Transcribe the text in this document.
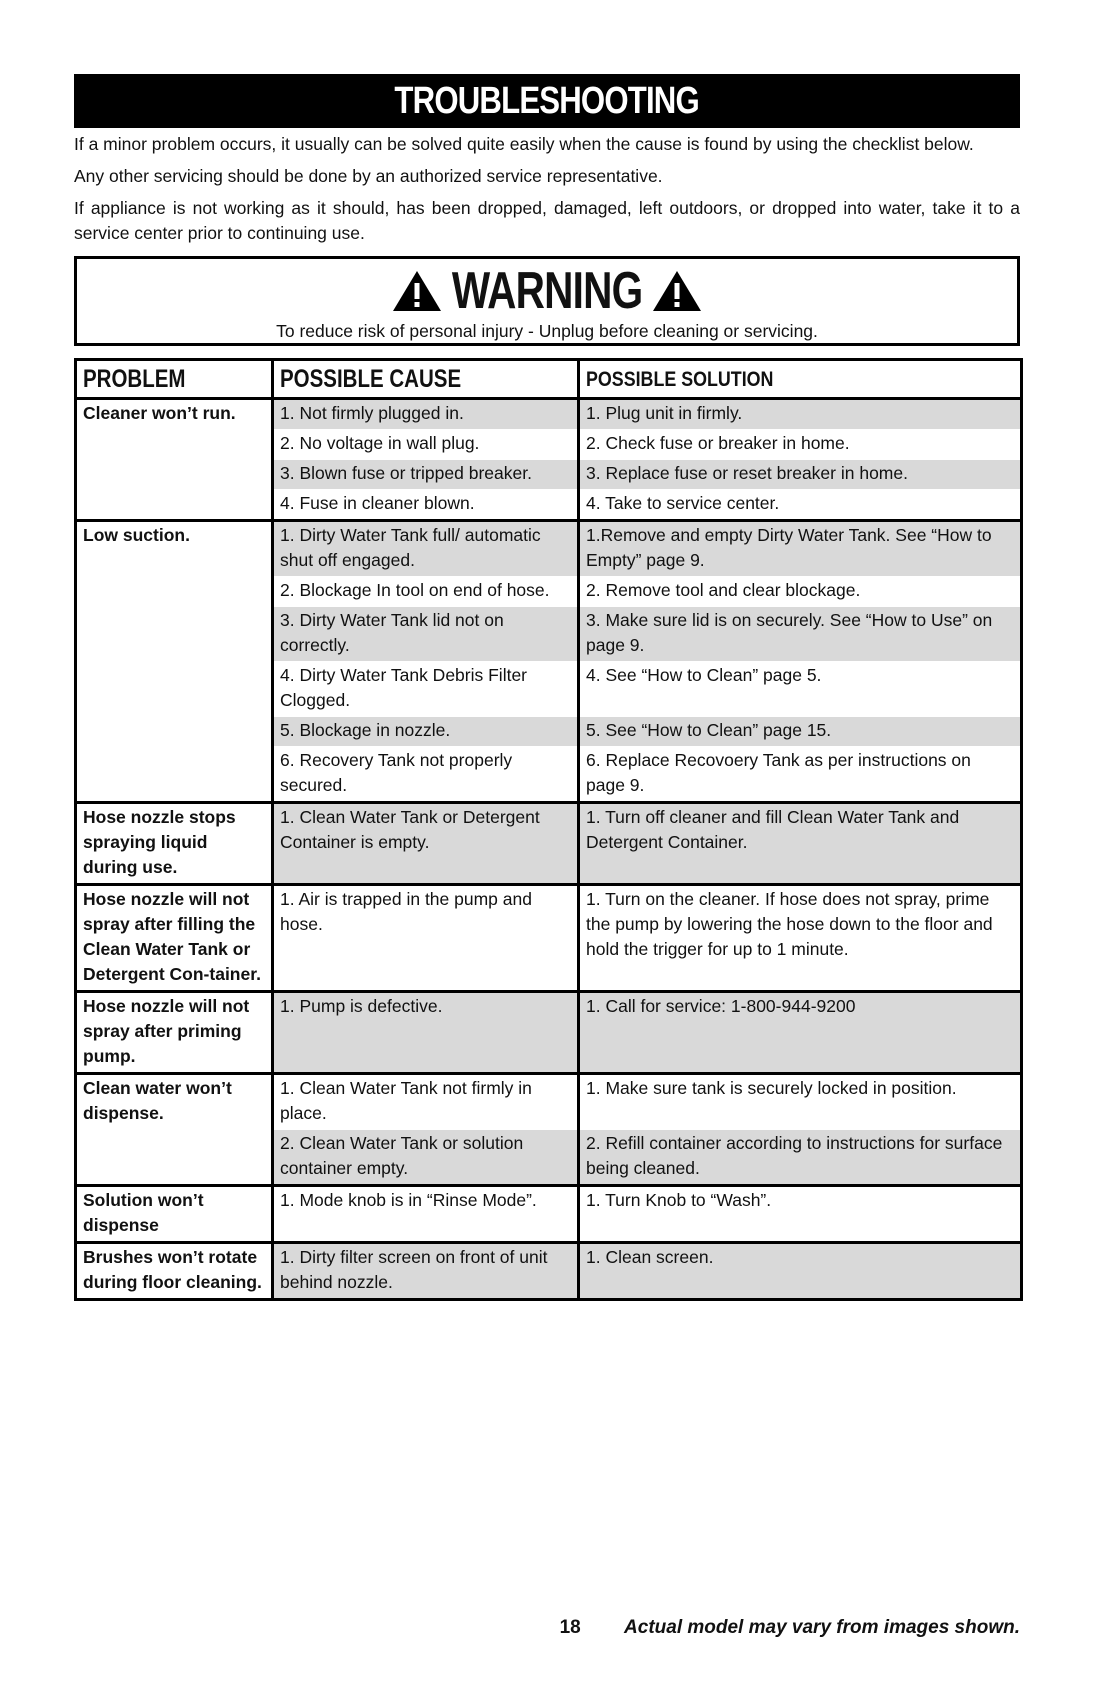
TROUBLESHOOTING

If a minor problem occurs, it usually can be solved quite easily when the cause is found by using the checklist below.

Any other servicing should be done by an authorized service representative.

If appliance is not working as it should, has been dropped, damaged, left outdoors, or dropped into water, take it to a service center prior to continuing use.

WARNING
To reduce risk of personal injury - Unplug before cleaning or servicing.
PROBLEM	POSSIBLE CAUSE	POSSIBLE SOLUTION
Cleaner won’t run.	1. Not firmly plugged in.	1. Plug unit in firmly.
	2. No voltage in wall plug.	2. Check fuse or breaker in home.
	3. Blown fuse or tripped breaker.	3. Replace fuse or reset breaker in home.
	4. Fuse in cleaner blown.	4. Take to service center.
Low suction.	1. Dirty Water Tank full/ automatic shut off engaged.	1.Remove and empty Dirty Water Tank. See “How to Empty” page 9.
	2. Blockage In tool on end of hose.	2. Remove tool and clear blockage.
	3. Dirty Water Tank lid not on correctly.	3. Make sure lid is on securely. See “How to Use” on page 9.
	4. Dirty Water Tank Debris Filter Clogged.	4. See “How to Clean” page 5.
	5. Blockage in nozzle.	5. See “How to Clean” page 15.
	6. Recovery Tank not properly secured.	6. Replace Recovoery Tank as per instructions on page 9.
Hose nozzle stops spraying liquid during use.	1. Clean Water Tank or Detergent Container is empty.	1. Turn off cleaner and fill Clean Water Tank and Detergent Container.
Hose nozzle will not spray after filling the Clean Water Tank or Detergent Con-tainer.	1. Air is trapped in the pump and hose.	1. Turn on the cleaner. If hose does not spray, prime the pump by lowering the hose down to the floor and hold the trigger for up to 1 minute.
Hose nozzle will not spray after priming pump.	1. Pump is defective.	1. Call for service: 1-800-944-9200
Clean water won’t dispense.	1. Clean Water Tank not firmly in place.	1. Make sure tank is securely locked in position.
	2. Clean Water Tank or solution container empty.	2. Refill container according to instructions for surface being cleaned.
Solution won’t dispense	1. Mode knob is in “Rinse Mode”.	1. Turn Knob to “Wash”.
Brushes won’t rotate during floor cleaning.	1. Dirty filter screen on front of unit behind nozzle.	1. Clean screen.
18 Actual model may vary from images shown.
